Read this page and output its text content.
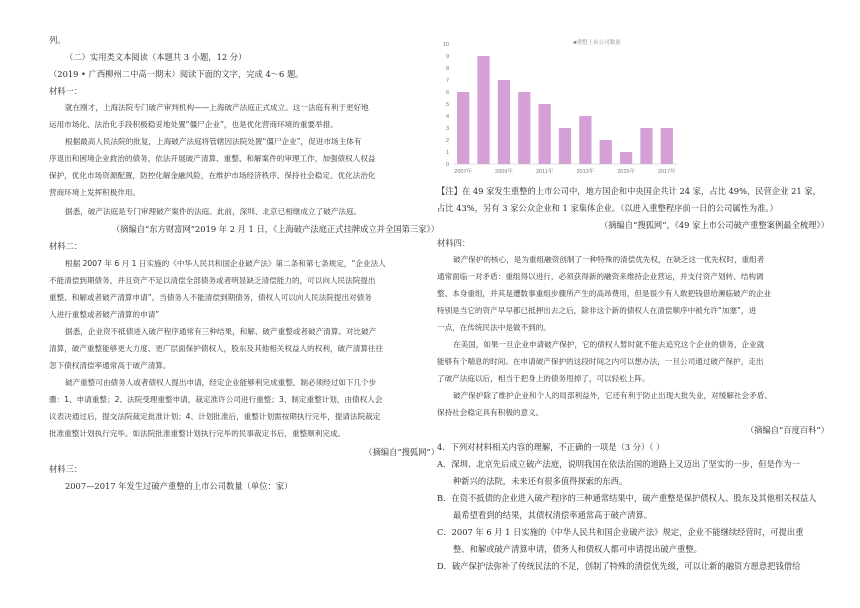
列。
（二）实用类文本阅读（本题共 3 小题，12 分）
（2019 • 广西柳州二中高一期末）阅读下面的文字，完成 4～6 题。
材料一：
就在刚才，上海法院专门破产审判机构——上海破产法庭正式成立。这一法庭有利于更好地
运用市场化、法治化手段积极稳妥地处置“僵尸企业”，也是优化营商环境的重要举措。
根据最高人民法院的批复，上海破产法庭将管辖因法院处置“僵尸企业”，促进市场主体有
序退出和困境企业救治的债务，依法开展破产清算、重整、和解案件的审理工作，加强债权人权益
保护，优化市场资源配置，防控化解金融风险，在维护市场经济秩序、保持社会稳定、优化法治化
营商环境上发挥积极作用。
据悉，破产法庭是专门审理破产案件的法庭。此前，深圳、北京已相继成立了破产法庭。
（摘编自“东方财富网”2019 年 2 月 1 日，《上海破产法庭正式挂牌成立并全国第三家》）
材料二：
根据 2007 年 6 月 1 日实施的《中华人民共和国企业破产法》第二条和第七条规定，“企业法人
不能清偿到期债务，并且资产不足以清偿全部债务或者明显缺乏清偿能力的，可以向人民法院提出
重整、和解或者破产清算申请”。当债务人不能清偿到期债务，债权人可以向人民法院提出对债务
人进行重整或者破产清算的申请”
据悉，企业资不抵债进入破产程序通常有三种结果，和解、破产重整或者破产清算。对比破产
清算，破产重整能够更大力度、更广层面保护债权人，股东及其他相关权益人的权利，破产清算往往
忽下债权清偿率通常高于破产清算。
破产重整可由债务人或者债权人提出申请，经定企业能够利完成重整，制必须经过如下几个步
骤：1、申请重整；2、法院受理重整申请，裁定准许公司进行重整；3、制定重整计划，由债权人会
议表决通过后，提交法院裁定批准计划；4、计划批准后，重整计划需按期执行完毕，提请法院裁定
批准重整计划执行完毕。如法院批准重整计划执行完毕的民事裁定书后，重整顺利完成。
（摘编自“搜狐网”）
材料三：
2007—2017 年发生过破产重整的上市公司数量（单位：家）
【注】在 49 家发生重整的上市公司中，地方国企和中央国企共计 24 家，占比 49%，民营企业 21 家，
占比 43%，另有 3 家公众企业和 1 家集体企业。（以进入重整程序前一日的公司属性为准。）
（摘编自“搜狐网”，《49 家上市公司破产重整案例最全梳理》）
材料四：
破产保护的核心，是为重组融资创制了一种特殊的清偿优先权，在缺乏这一优先权时，重组者
通常面临一对矛盾：重组得以进行，必须获得新的融资来维持企业营运，并支付资产划转、结构调
整、本身重组，并其是遭数事重组步骤所产生的高昂费用，但是很少有人敢把钱借给濒临破产的企业
特别是当它的资产早早都已抵押出去之后，除非这个新的债权人在清偿顺序中被允许“加塞”，进
一点，在传统民法中是做不到的。
在美国，如果一旦企业申请破产保护，它的债权人暂时就不能去追究这个企业的债务，企业就
能够有个喘息的时间。在申请破产保护的这段时间之内可以想办法，一旦公司通过破产保护，走出
了破产法庭以后，相当于把身上的债务甩掉了，可以轻松上阵。
破产保护除了维护企业和个人的局部利益外，它还有利于防止出现大批失业，对缓解社会矛盾、
保持社会稳定具有积极的意义。
（摘编自“百度百科”）
4．下列对材料相关内容的理解，不正确的一项是（3 分）（ ）
A．深圳、北京先后成立破产法庭，说明我国在依法治国的道路上又迈出了坚实的一步，但是作为一
种新兴的法院，未来还有很多值得探索的东西。
B．在资不抵债的企业进入破产程序的三种通常结果中，破产重整是保护债权人、股东及其他相关权益人
最希望看到的结果，其债权清偿率通常高于破产清算。
C．2007 年 6 月 1 日实施的《中华人民共和国企业破产法》规定，企业不能继续经营时，可提出重
整、和解或破产清算申请，债务人和债权人都可申请提出破产重整。
D．破产保护法弥补了传统民法的不足，创制了特殊的清偿优先级，可以让新的融资方愿意把钱借给
■重整上市公司数量
0
1
2
3
4
5
6
7
8
9
10
2007年	2009年	2011年	2013年	2015年	2017年
